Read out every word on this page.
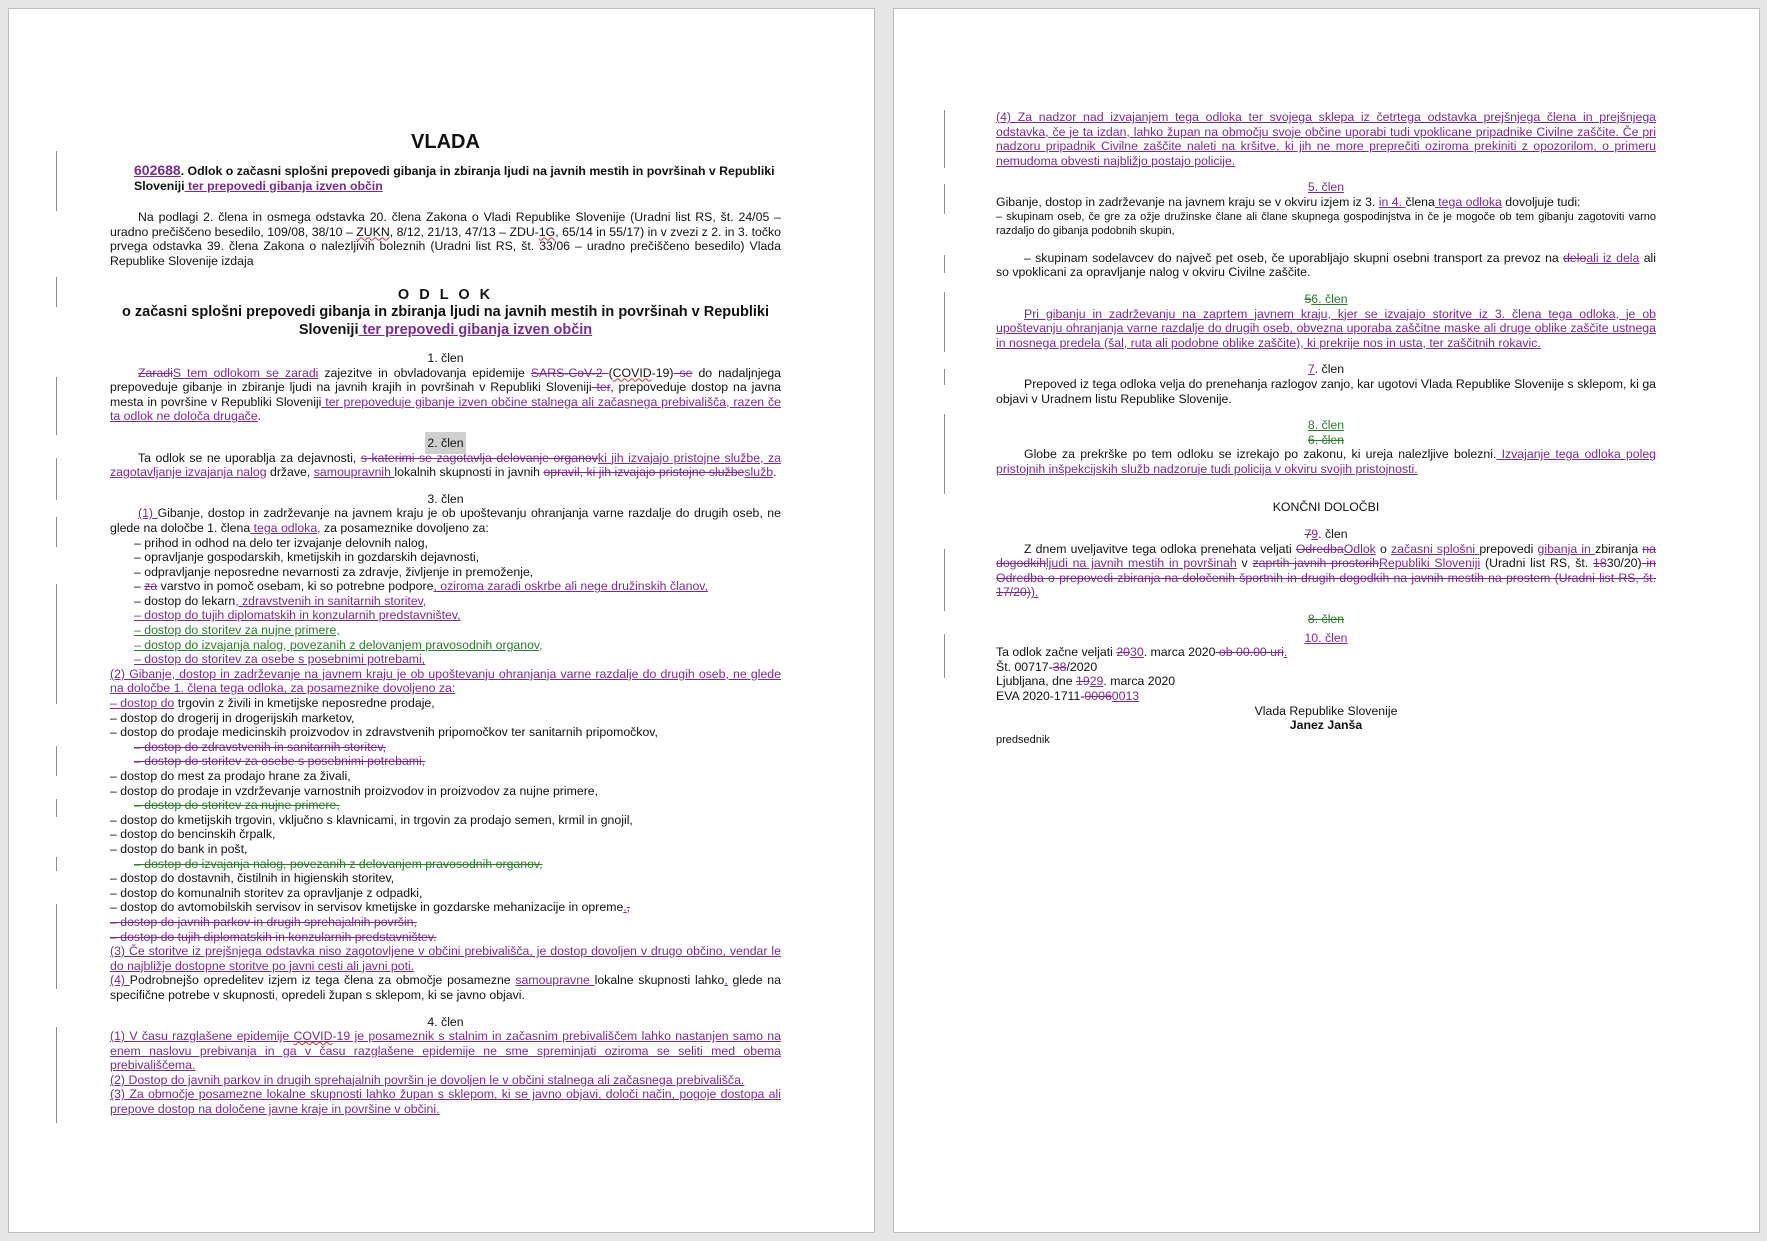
VLADA
602688. Odlok o začasni splošni prepovedi gibanja in zbiranja ljudi na javnih mestih in površinah v Republiki Sloveniji ter prepovedi gibanja izven občin

Na podlagi 2. člena in osmega odstavka 20. člena Zakona o Vladi Republike Slovenije (Uradni list RS, št. 24/05 – uradno prečiščeno besedilo, 109/08, 38/10 – ZUKN, 8/12, 21/13, 47/13 – ZDU-1G, 65/14 in 55/17) in v zvezi z 2. in 3. točko prvega odstavka 39. člena Zakona o nalezljivih boleznih (Uradni list RS, št. 33/06 – uradno prečiščeno besedilo) Vlada Republike Slovenije izdaja

O D L O K
o začasni splošni prepovedi gibanja in zbiranja ljudi na javnih mestih in površinah v Republiki Sloveniji ter prepovedi gibanja izven občin
1. člen

ZaradiS tem odlokom se zaradi zajezitve in obvladovanja epidemije SARS-CoV-2 (COVID-19) se do nadaljnjega prepoveduje gibanje in zbiranje ljudi na javnih krajih in površinah v Republiki Sloveniji ter, prepoveduje dostop na javna mesta in površine v Republiki Sloveniji ter prepoveduje gibanje izven občine stalnega ali začasnega prebivališča, razen če ta odlok ne določa drugače.

2. člen

Ta odlok se ne uporablja za dejavnosti, s katerimi se zagotavlja delovanje organovki jih izvajajo pristojne službe, za zagotavljanje izvajanja nalog države, samoupravnih lokalnih skupnosti in javnih opravil, ki jih izvajajo pristojne službeslužb.

3. člen

(1) Gibanje, dostop in zadrževanje na javnem kraju je ob upoštevanju ohranjanja varne razdalje do drugih oseb, ne glede na določbe 1. člena tega odloka, za posameznike dovoljeno za:

– prihod in odhod na delo ter izvajanje delovnih nalog,

– opravljanje gospodarskih, kmetijskih in gozdarskih dejavnosti,

– odpravljanje neposredne nevarnosti za zdravje, življenje in premoženje,

– za varstvo in pomoč osebam, ki so potrebne podpore, oziroma zaradi oskrbe ali nege družinskih članov,

– dostop do lekarn, zdravstvenih in sanitarnih storitev,

– dostop do tujih diplomatskih in konzularnih predstavništev,

– dostop do storitev za nujne primere,

– dostop do izvajanja nalog, povezanih z delovanjem pravosodnih organov,

– dostop do storitev za osebe s posebnimi potrebami,

(2) Gibanje, dostop in zadrževanje na javnem kraju je ob upoštevanju ohranjanja varne razdalje do drugih oseb, ne glede na določbe 1. člena tega odloka, za posameznike dovoljeno za:

– dostop do trgovin z živili in kmetijske neposredne prodaje,

– dostop do drogerij in drogerijskih marketov,

– dostop do prodaje medicinskih proizvodov in zdravstvenih pripomočkov ter sanitarnih pripomočkov,

– dostop do zdravstvenih in sanitarnih storitev,

– dostop do storitev za osebe s posebnimi potrebami,

– dostop do mest za prodajo hrane za živali,

– dostop do prodaje in vzdrževanje varnostnih proizvodov in proizvodov za nujne primere,

– dostop do storitev za nujne primere,

– dostop do kmetijskih trgovin, vključno s klavnicami, in trgovin za prodajo semen, krmil in gnojil,

– dostop do bencinskih črpalk,

– dostop do bank in pošt,

– dostop do izvajanja nalog, povezanih z delovanjem pravosodnih organov,

– dostop do dostavnih, čistilnih in higienskih storitev,

– dostop do komunalnih storitev za opravljanje z odpadki,

– dostop do avtomobilskih servisov in servisov kmetijske in gozdarske mehanizacije in opreme.,

– dostop do javnih parkov in drugih sprehajalnih površin,

– dostop do tujih diplomatskih in konzularnih predstavništev.

(3) Če storitve iz prejšnjega odstavka niso zagotovljene v občini prebivališča, je dostop dovoljen v drugo občino, vendar le do najbližje dostopne storitve po javni cesti ali javni poti.

(4) Podrobnejšo opredelitev izjem iz tega člena za območje posamezne samoupravne lokalne skupnosti lahko, glede na specifične potrebe v skupnosti, opredeli župan s sklepom, ki se javno objavi.

4. člen

(1) V času razglašene epidemije COVID-19 je posameznik s stalnim in začasnim prebivališčem lahko nastanjen samo na enem naslovu prebivanja in ga v času razglašene epidemije ne sme spreminjati oziroma se seliti med obema prebivališčema.

(2) Dostop do javnih parkov in drugih sprehajalnih površin je dovoljen le v občini stalnega ali začasnega prebivališča.

(3) Za območje posamezne lokalne skupnosti lahko župan s sklepom, ki se javno objavi, določi način, pogoje dostopa ali prepove dostop na določene javne kraje in površine v občini.

(4) Za nadzor nad izvajanjem tega odloka ter svojega sklepa iz četrtega odstavka prejšnjega člena in prejšnjega odstavka, če je ta izdan, lahko župan na območju svoje občine uporabi tudi vpoklicane pripadnike Civilne zaščite. Če pri nadzoru pripadnik Civilne zaščite naleti na kršitve, ki jih ne more preprečiti oziroma prekiniti z opozorilom, o primeru nemudoma obvesti najbližjo postajo policije.

5. člen

Gibanje, dostop in zadrževanje na javnem kraju se v okviru izjem iz 3. in 4. člena tega odloka dovoljuje tudi:

– skupinam oseb, če gre za ožje družinske člane ali člane skupnega gospodinjstva in če je mogoče ob tem gibanju zagotoviti varno razdaljo do gibanja podobnih skupin,

– skupinam sodelavcev do največ pet oseb, če uporabljajo skupni osebni transport za prevoz na deloali iz dela ali so vpoklicani za opravljanje nalog v okviru Civilne zaščite.

56. člen

Pri gibanju in zadrževanju na zaprtem javnem kraju, kjer se izvajajo storitve iz 3. člena tega odloka, je ob upoštevanju ohranjanja varne razdalje do drugih oseb, obvezna uporaba zaščitne maske ali druge oblike zaščite ustnega in nosnega predela (šal, ruta ali podobne oblike zaščite), ki prekrije nos in usta, ter zaščitnih rokavic.

7. člen

Prepoved iz tega odloka velja do prenehanja razlogov zanjo, kar ugotovi Vlada Republike Slovenije s sklepom, ki ga objavi v Uradnem listu Republike Slovenije.

8. člen
6. člen

Globe za prekrške po tem odloku se izrekajo po zakonu, ki ureja nalezljive bolezni. Izvajanje tega odloka poleg pristojnih inšpekcijskih služb nadzoruje tudi policija v okviru svojih pristojnosti.

KONČNI DOLOČBI
79. člen

Z dnem uveljavitve tega odloka prenehata veljati OdredbaOdlok o začasni splošni prepovedi gibanja in zbiranja na dogodkihljudi na javnih mestih in površinah v zaprtih javnih prostorihRepubliki Sloveniji (Uradni list RS, št. 1830/20) in Odredba o prepovedi zbiranja na določenih športnih in drugih dogodkih na javnih mestih na prostem (Uradni list RS, št. 17/20)).

8. člen
10. člen

Ta odlok začne veljati 2030. marca 2020 ob 00.00 uri.

Št. 00717-38/2020

Ljubljana, dne 1929. marca 2020

EVA 2020-1711-00060013

Vlada Republike Slovenije
Janez Janša
predsednik
